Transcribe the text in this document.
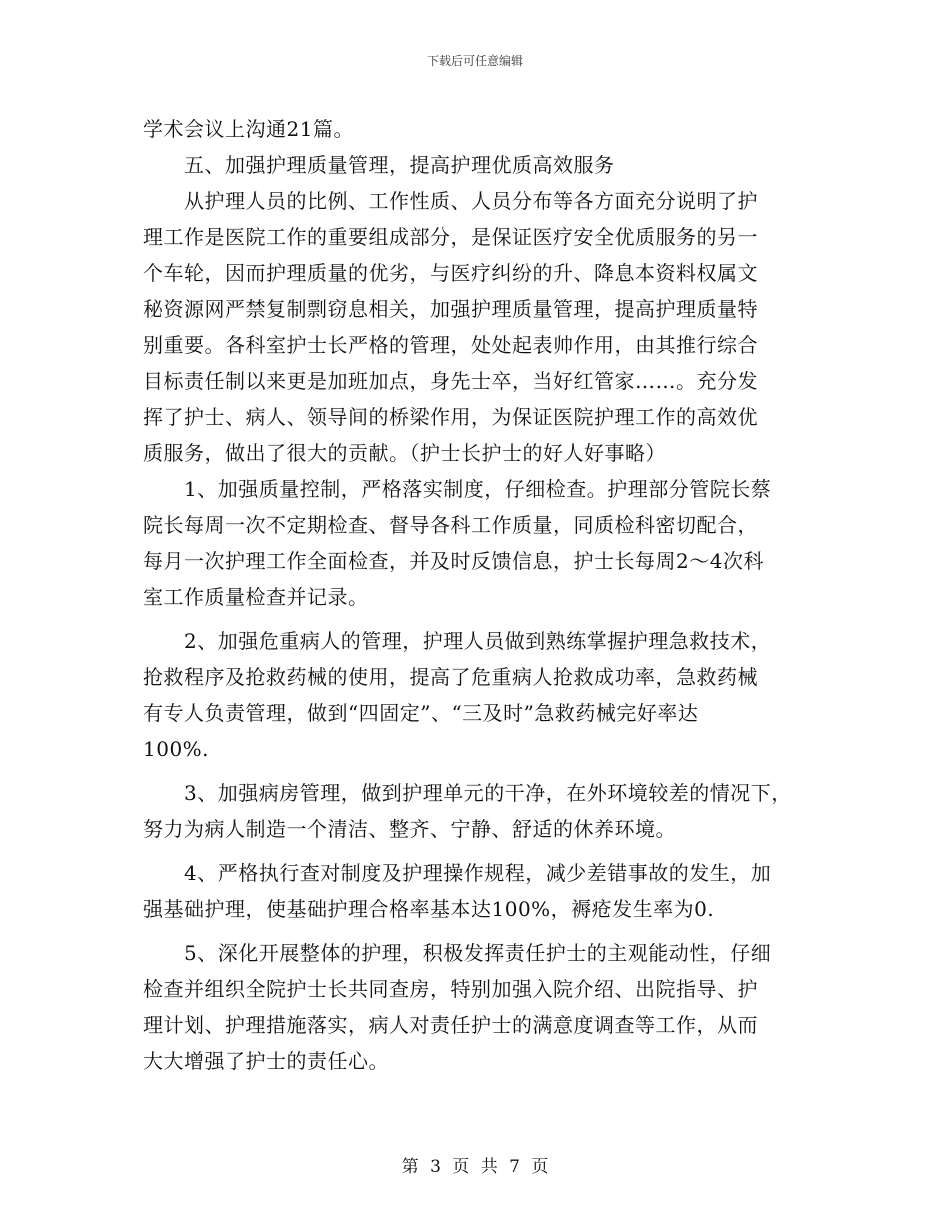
下载后可任意编辑
学术会议上沟通21篇。
五、加强护理质量管理，提高护理优质高效服务
从护理人员的比例、工作性质、人员分布等各方面充分说明了护
理工作是医院工作的重要组成部分，是保证医疗安全优质服务的另一
个车轮，因而护理质量的优劣，与医疗纠纷的升、降息本资料权属文
秘资源网严禁复制剽窃息相关，加强护理质量管理，提高护理质量特
别重要。各科室护士长严格的管理，处处起表帅作用，由其推行综合
目标责任制以来更是加班加点，身先士卒，当好红管家……。充分发
挥了护士、病人、领导间的桥梁作用，为保证医院护理工作的高效优
质服务，做出了很大的贡献。（护士长护士的好人好事略）
1、加强质量控制，严格落实制度，仔细检查。护理部分管院长蔡
院长每周一次不定期检查、督导各科工作质量，同质检科密切配合，
每月一次护理工作全面检查，并及时反馈信息，护士长每周2～4次科
室工作质量检查并记录。
2、加强危重病人的管理，护理人员做到熟练掌握护理急救技术，
抢救程序及抢救药械的使用，提高了危重病人抢救成功率，急救药械
有专人负责管理，做到“四固定”、“三及时”急救药械完好率达
100%.
3、加强病房管理，做到护理单元的干净，在外环境较差的情况下，
努力为病人制造一个清洁、整齐、宁静、舒适的休养环境。
4、严格执行查对制度及护理操作规程，减少差错事故的发生，加
强基础护理，使基础护理合格率基本达100%，褥疮发生率为0.
5、深化开展整体的护理，积极发挥责任护士的主观能动性，仔细
检查并组织全院护士长共同查房，特别加强入院介绍、出院指导、护
理计划、护理措施落实，病人对责任护士的满意度调查等工作，从而
大大增强了护士的责任心。
第 3 页 共 7 页
